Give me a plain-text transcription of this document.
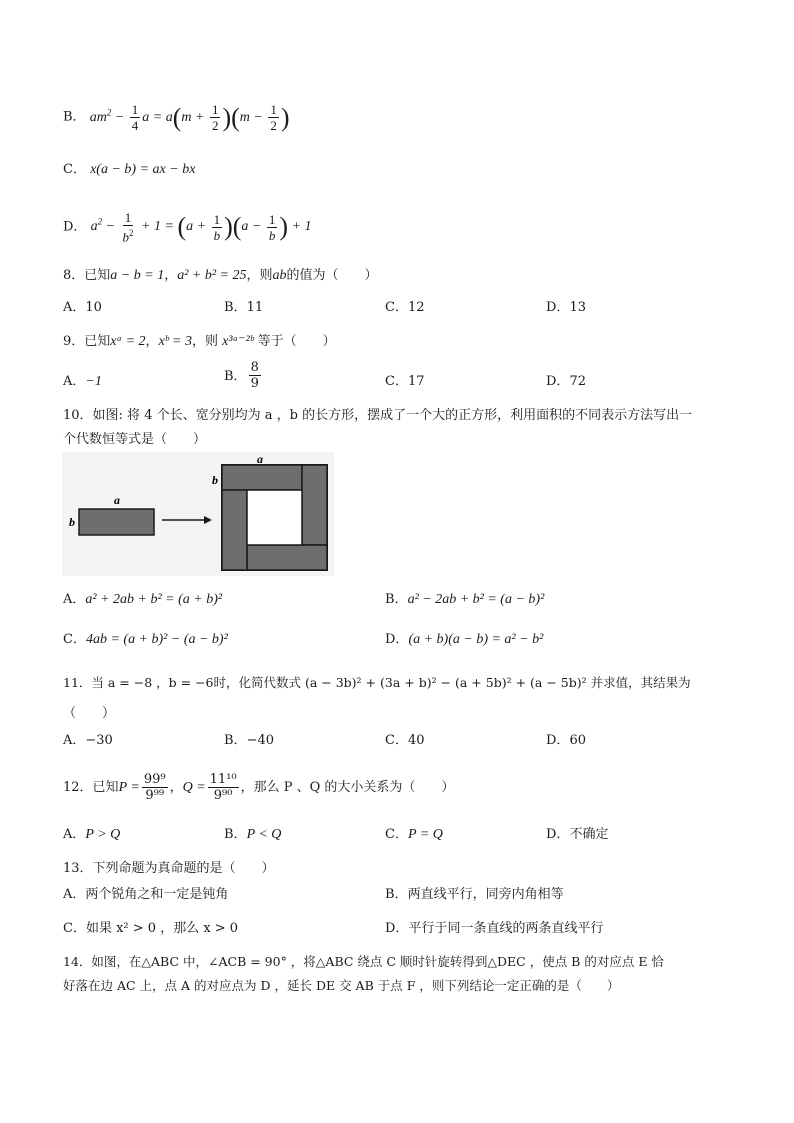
B． $am^2 - \frac{1}{4}$ $a = a(m + \frac{1}{2} )(m - \frac{1}{2}$ )
C． x(a − b) = ax − bx
D． $a^2 - \frac{1}{b^2} + 1 = (a + \frac{1}{b} )(a - \frac{1}{b}$ ) + 1
8．已知a − b = 1，a² + b² = 25，则ab的值为（　　）
A．10	B．11	C．12	D．13
9．已知xᵃ = 2，xᵇ = 3，则 x³ᵃ⁻²ᵇ 等于（　　）
A．−1	B． $\frac{8}{9}$	C．17	D．72
10．如图: 将 4 个长、宽分别均为 a ，b 的长方形，摆成了一个大的正方形，利用面积的不同表示方法写出一
个代数恒等式是（　　）
a
b
a
b
A．a² + 2ab + b² = (a + b)²	B．a² − 2ab + b² = (a − b)²
C．4ab = (a + b)² − (a − b)²	D．(a + b)(a − b) = a² − b²
11．当 a = −8 ，b = −6时，化简代数式 (a − 3b)² + (3a + b)² − (a + 5b)² + (a − 5b)² 并求值，其结果为
（　　）
A．−30	B．−40	C．40	D．60
12．已知$P = \frac{\text{99⁹}}{\text{9⁹⁹}}$ ，$Q = \frac{\text{11¹⁰}}{\text{9⁹⁰}}$ ，那么 P 、Q 的大小关系为（　　）
A．P > Q	B．P < Q	C．P = Q	D．不确定
13．下列命题为真命题的是（　　）
A．两个锐角之和一定是钝角	B．两直线平行，同旁内角相等
C．如果 x² > 0 ，那么 x > 0	D．平行于同一条直线的两条直线平行
14．如图，在△ABC 中，∠ACB = 90° ，将△ABC 绕点 C 顺时针旋转得到△DEC ，使点 B 的对应点 E 恰
好落在边 AC 上，点 A 的对应点为 D ，延长 DE 交 AB 于点 F ，则下列结论一定正确的是（　　）
